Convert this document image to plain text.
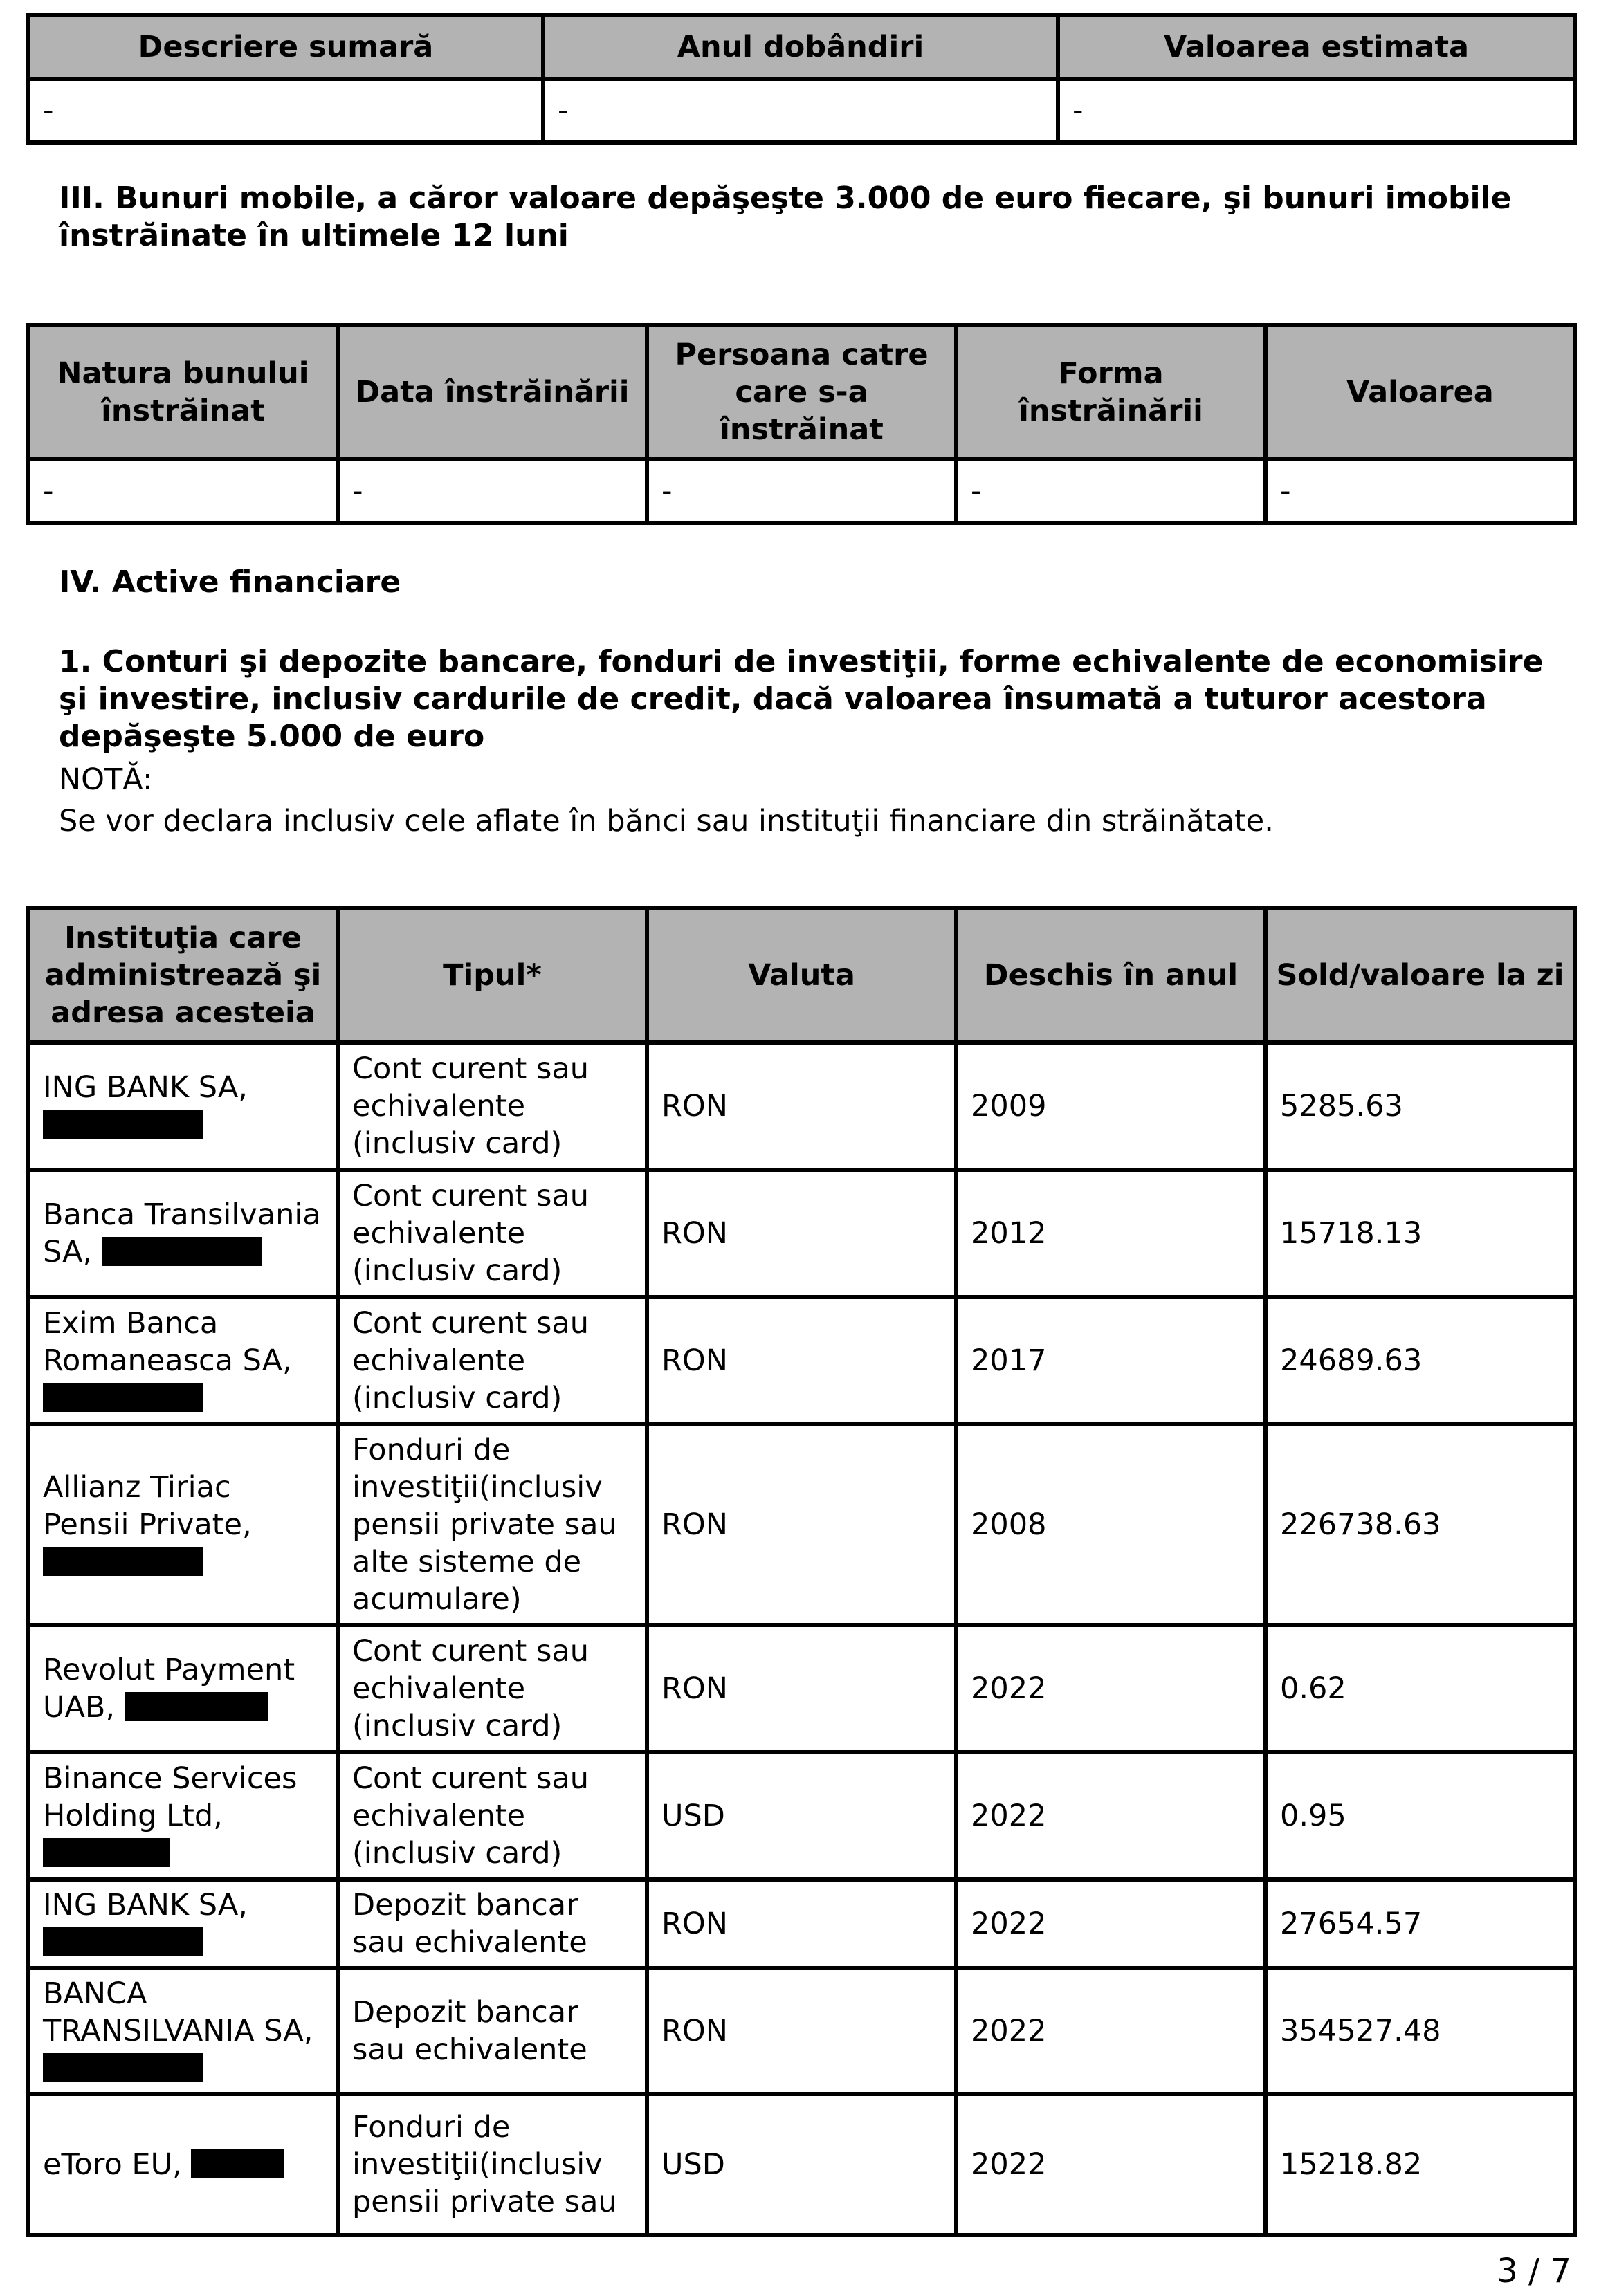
Descriere sumară	Anul dobândiri	Valoarea estimata
-	-	-
III. Bunuri mobile, a căror valoare depăşeşte 3.000 de euro fiecare, şi bunuri imobile înstrăinate în ultimele 12 luni
Natura bunului înstrăinat	Data înstrăinării	Persoana catre care s-a înstrăinat	Forma înstrăinării	Valoarea
-	-	-	-	-
IV. Active financiare
1. Conturi şi depozite bancare, fonduri de investiţii, forme echivalente de economisire şi investire, inclusiv cardurile de credit, dacă valoarea însumată a tuturor acestora depăşeşte 5.000 de euro
NOTĂ:
Se vor declara inclusiv cele aflate în bănci sau instituţii financiare din străinătate.
Instituţia care administrează şi adresa acesteia	Tipul*	Valuta	Deschis în anul	Sold/valoare la zi
ING BANK SA,	Cont curent sau echivalente (inclusiv card)	RON	2009	5285.63
Banca Transilvania SA,	Cont curent sau echivalente (inclusiv card)	RON	2012	15718.13
Exim Banca Romaneasca SA,	Cont curent sau echivalente (inclusiv card)	RON	2017	24689.63
Allianz Tiriac Pensii Private,	Fonduri de investiţii(inclusiv pensii private sau alte sisteme de acumulare)	RON	2008	226738.63
Revolut Payment UAB,	Cont curent sau echivalente (inclusiv card)	RON	2022	0.62
Binance Services Holding Ltd,	Cont curent sau echivalente (inclusiv card)	USD	2022	0.95
ING BANK SA,	Depozit bancar sau echivalente	RON	2022	27654.57
BANCA TRANSILVANIA SA,	Depozit bancar sau echivalente	RON	2022	354527.48
eToro EU,	Fonduri de investiţii(inclusiv pensii private sau	USD	2022	15218.82
3 / 7
